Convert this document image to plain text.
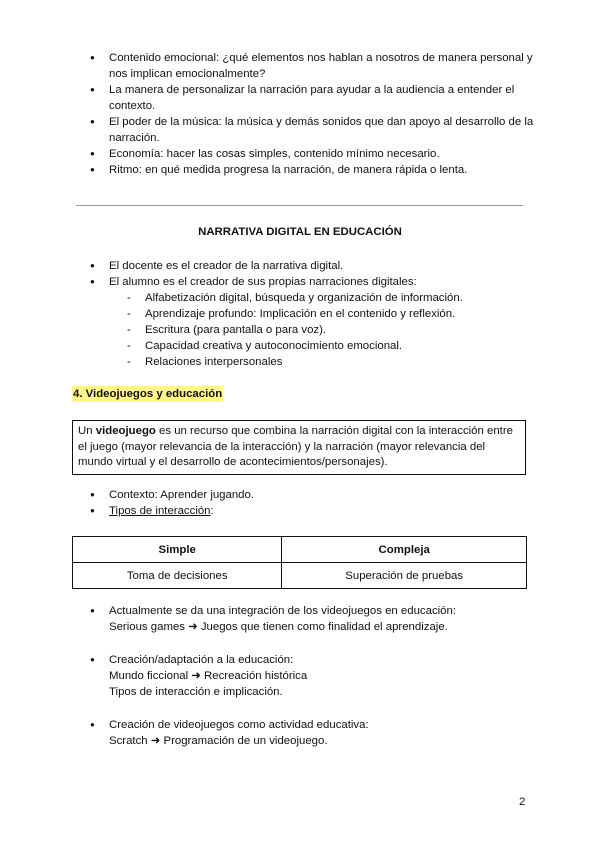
● Contenido emocional: ¿qué elementos nos hablan a nosotros de manera personal y nos implican emocionalmente?
● La manera de personalizar la narración para ayudar a la audiencia a entender el contexto.
● El poder de la música: la música y demás sonidos que dan apoyo al desarrollo de la narración.
● Economía: hacer las cosas simples, contenido mínimo necesario.
● Ritmo: en qué medida progresa la narración, de manera rápida o lenta.
NARRATIVA DIGITAL EN EDUCACIÓN
● El docente es el creador de la narrativa digital.
● El alumno es el creador de sus propias narraciones digitales:
- Alfabetización digital, búsqueda y organización de información.
- Aprendizaje profundo: Implicación en el contenido y reflexión.
- Escritura (para pantalla o para voz).
- Capacidad creativa y autoconocimiento emocional.
- Relaciones interpersonales
4. Videojuegos y educación
Un videojuego es un recurso que combina la narración digital con la interacción entre el juego (mayor relevancia de la interacción) y la narración (mayor relevancia del mundo virtual y el desarrollo de acontecimientos/personajes).
● Contexto: Aprender jugando.
● Tipos de interacción:
Simple	Compleja
Toma de decisiones	Superación de pruebas
● Actualmente se da una integración de los videojuegos en educación:
Serious games ➜ Juegos que tienen como finalidad el aprendizaje.
● Creación/adaptación a la educación:
Mundo ficcional ➜ Recreación histórica
Tipos de interacción e implicación.
● Creación de videojuegos como actividad educativa:
Scratch ➜ Programación de un videojuego.
2
